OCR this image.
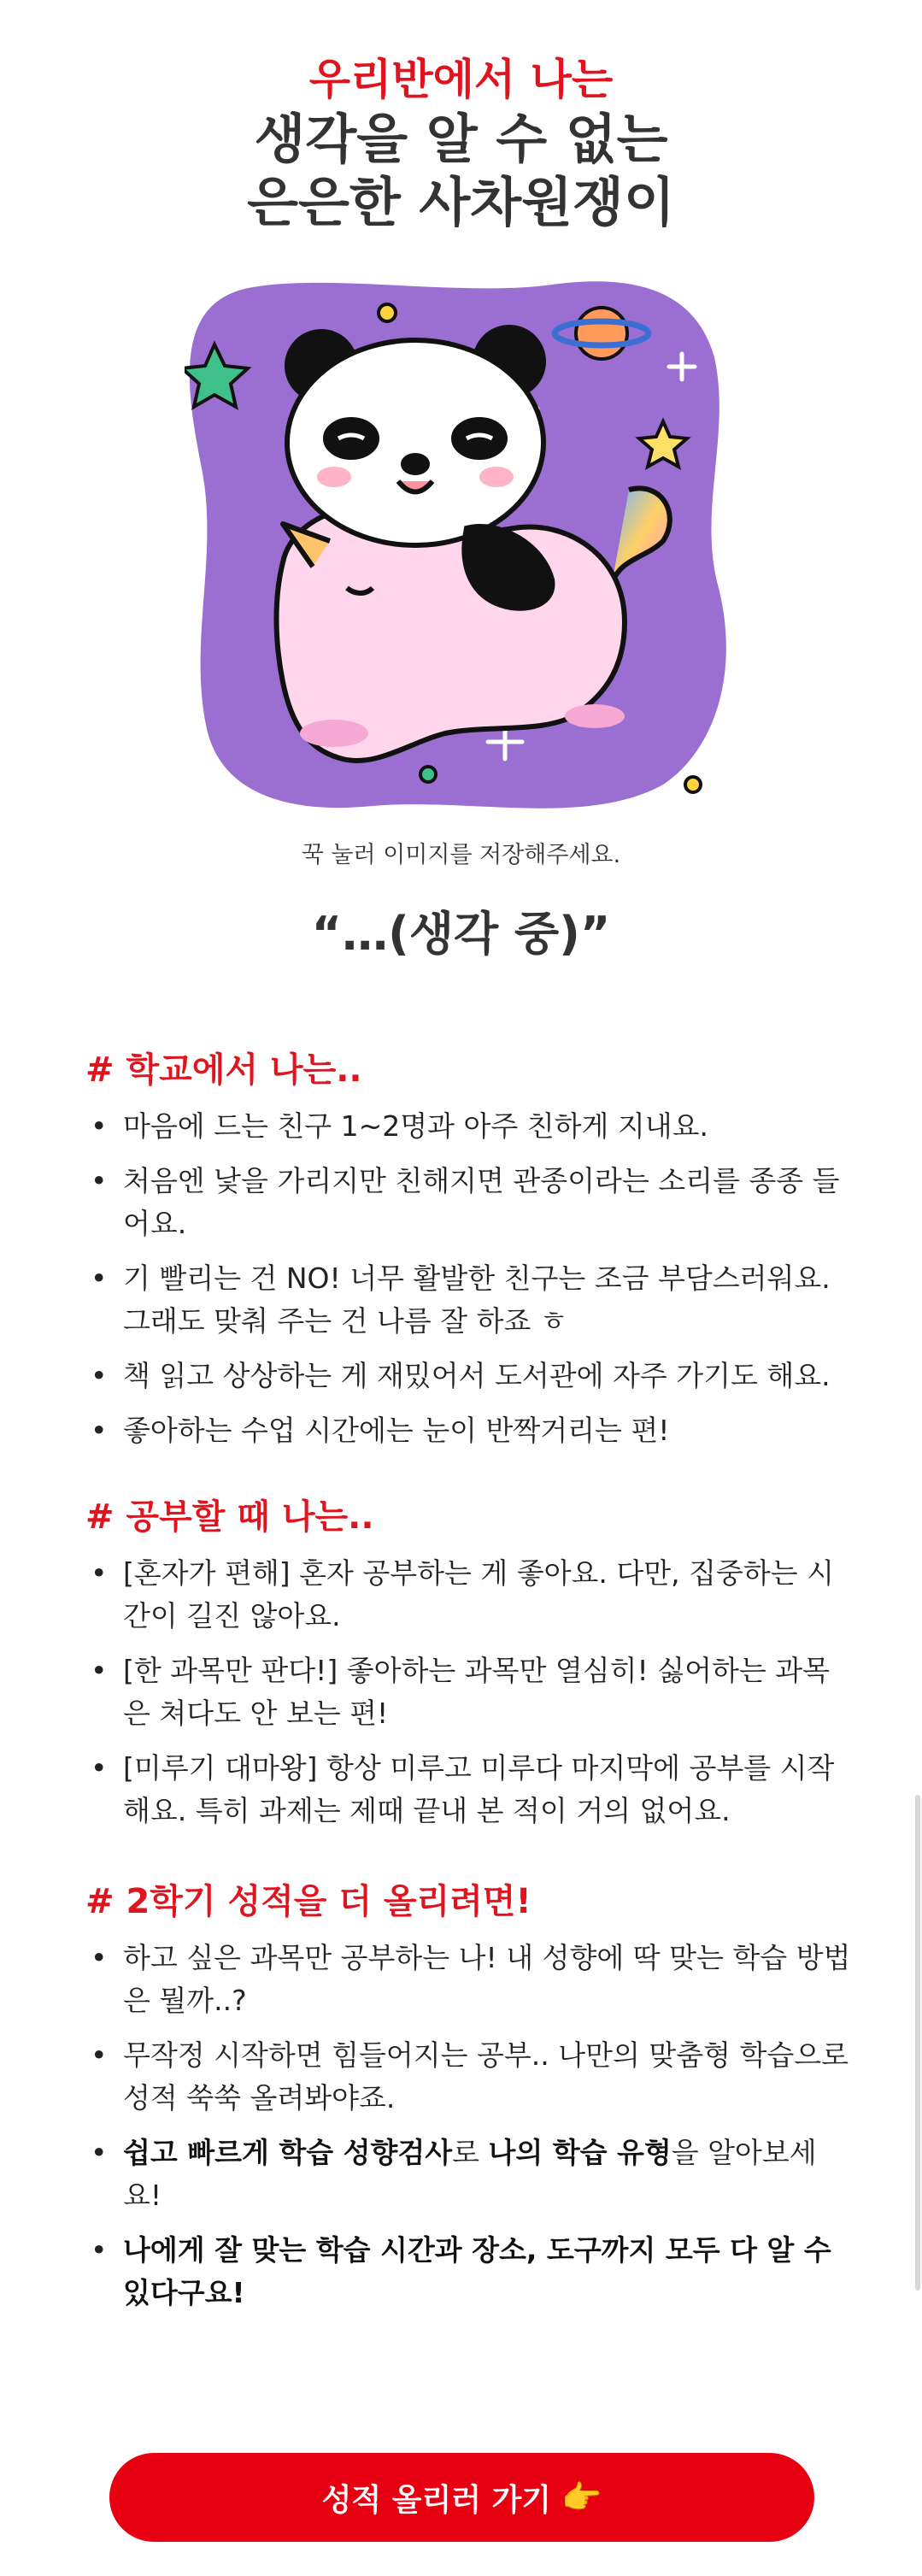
우리반에서 나는
생각을 알 수 없는
은은한 사차원쟁이
꾹 눌러 이미지를 저장해주세요.
“…(생각 중)”
# 학교에서 나는..
• 마음에 드는 친구 1~2명과 아주 친하게 지내요.
• 처음엔 낯을 가리지만 친해지면 관종이라는 소리를 종종 들어요.
• 기 빨리는 건 NO! 너무 활발한 친구는 조금 부담스러워요. 그래도 맞춰 주는 건 나름 잘 하죠 ㅎ
• 책 읽고 상상하는 게 재밌어서 도서관에 자주 가기도 해요.
• 좋아하는 수업 시간에는 눈이 반짝거리는 편!
# 공부할 때 나는..
• [혼자가 편해] 혼자 공부하는 게 좋아요. 다만, 집중하는 시간이 길진 않아요.
• [한 과목만 판다!] 좋아하는 과목만 열심히! 싫어하는 과목은 쳐다도 안 보는 편!
• [미루기 대마왕] 항상 미루고 미루다 마지막에 공부를 시작해요. 특히 과제는 제때 끝내 본 적이 거의 없어요.
# 2학기 성적을 더 올리려면!
• 하고 싶은 과목만 공부하는 나! 내 성향에 딱 맞는 학습 방법은 뭘까..?
• 무작정 시작하면 힘들어지는 공부.. 나만의 맞춤형 학습으로 성적 쑥쑥 올려봐야죠.
• 쉽고 빠르게 학습 성향검사로 나의 학습 유형을 알아보세요!
• 나에게 잘 맞는 학습 시간과 장소, 도구까지 모두 다 알 수 있다구요!
성적 올리러 가기 👉
